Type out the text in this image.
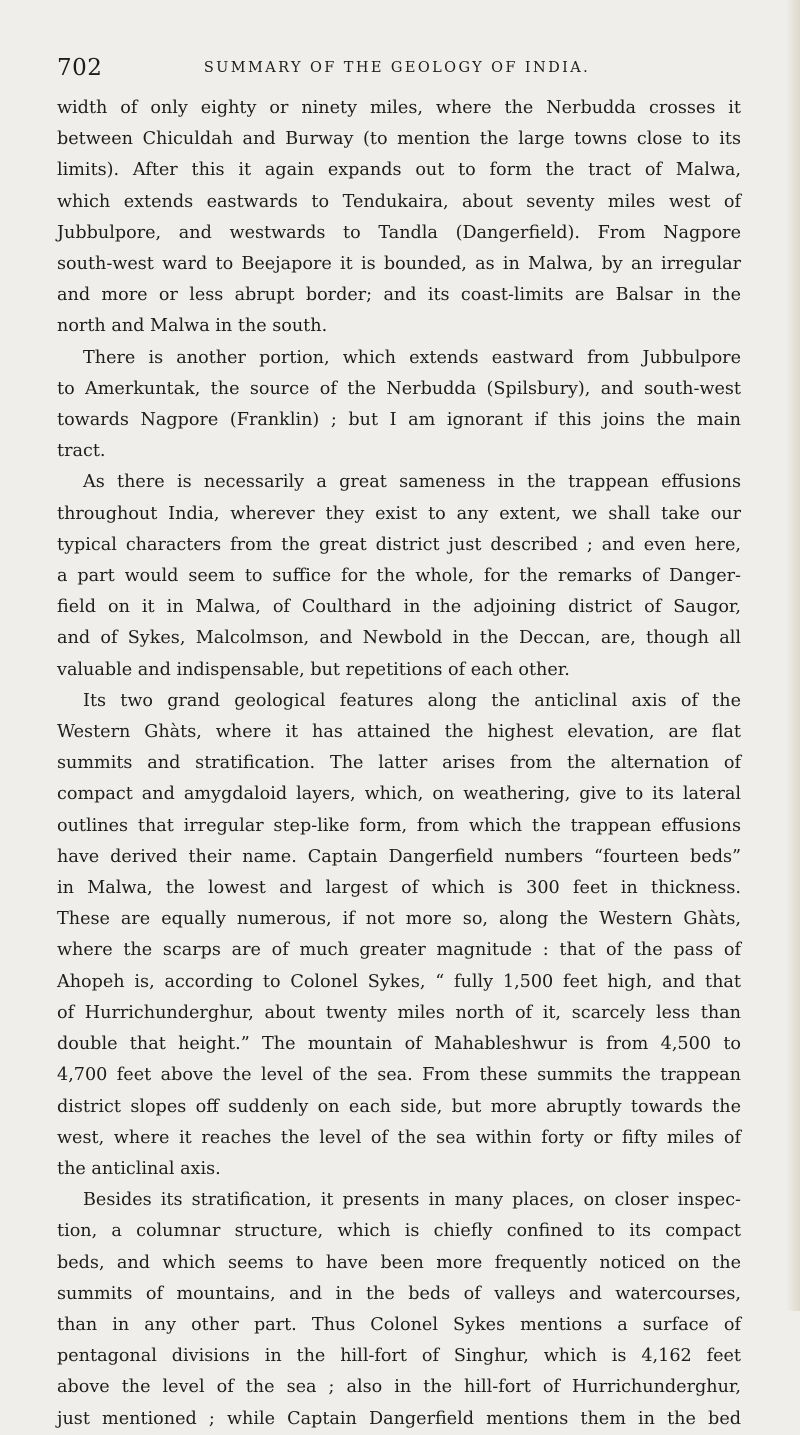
702	SUMMARY OF THE GEOLOGY OF INDIA.
width of only eighty or ninety miles, where the Nerbudda crosses it
between Chiculdah and Burway (to mention the large towns close to its
limits). After this it again expands out to form the tract of Malwa,
which extends eastwards to Tendukaira, about seventy miles west of
Jubbulpore, and westwards to Tandla (Dangerfield). From Nagpore
south-west ward to Beejapore it is bounded, as in Malwa, by an irregular
and more or less abrupt border; and its coast-limits are Balsar in the
north and Malwa in the south.
There is another portion, which extends eastward from Jubbulpore
to Amerkuntak, the source of the Nerbudda (Spilsbury), and south-west
towards Nagpore (Franklin) ; but I am ignorant if this joins the main
tract.
As there is necessarily a great sameness in the trappean effusions
throughout India, wherever they exist to any extent, we shall take our
typical characters from the great district just described ; and even here,
a part would seem to suffice for the whole, for the remarks of Danger-
field on it in Malwa, of Coulthard in the adjoining district of Saugor,
and of Sykes, Malcolmson, and Newbold in the Deccan, are, though all
valuable and indispensable, but repetitions of each other.
Its two grand geological features along the anticlinal axis of the
Western Ghàts, where it has attained the highest elevation, are flat
summits and stratification. The latter arises from the alternation of
compact and amygdaloid layers, which, on weathering, give to its lateral
outlines that irregular step-like form, from which the trappean effusions
have derived their name. Captain Dangerfield numbers “fourteen beds”
in Malwa, the lowest and largest of which is 300 feet in thickness.
These are equally numerous, if not more so, along the Western Ghàts,
where the scarps are of much greater magnitude : that of the pass of
Ahopeh is, according to Colonel Sykes, “ fully 1,500 feet high, and that
of Hurrichunderghur, about twenty miles north of it, scarcely less than
double that height.” The mountain of Mahableshwur is from 4,500 to
4,700 feet above the level of the sea. From these summits the trappean
district slopes off suddenly on each side, but more abruptly towards the
west, where it reaches the level of the sea within forty or fifty miles of
the anticlinal axis.
Besides its stratification, it presents in many places, on closer inspec-
tion, a columnar structure, which is chiefly confined to its compact
beds, and which seems to have been more frequently noticed on the
summits of mountains, and in the beds of valleys and watercourses,
than in any other part. Thus Colonel Sykes mentions a surface of
pentagonal divisions in the hill-fort of Singhur, which is 4,162 feet
above the level of the sea ; also in the hill-fort of Hurrichunderghur,
just mentioned ; while Captain Dangerfield mentions them in the bed
